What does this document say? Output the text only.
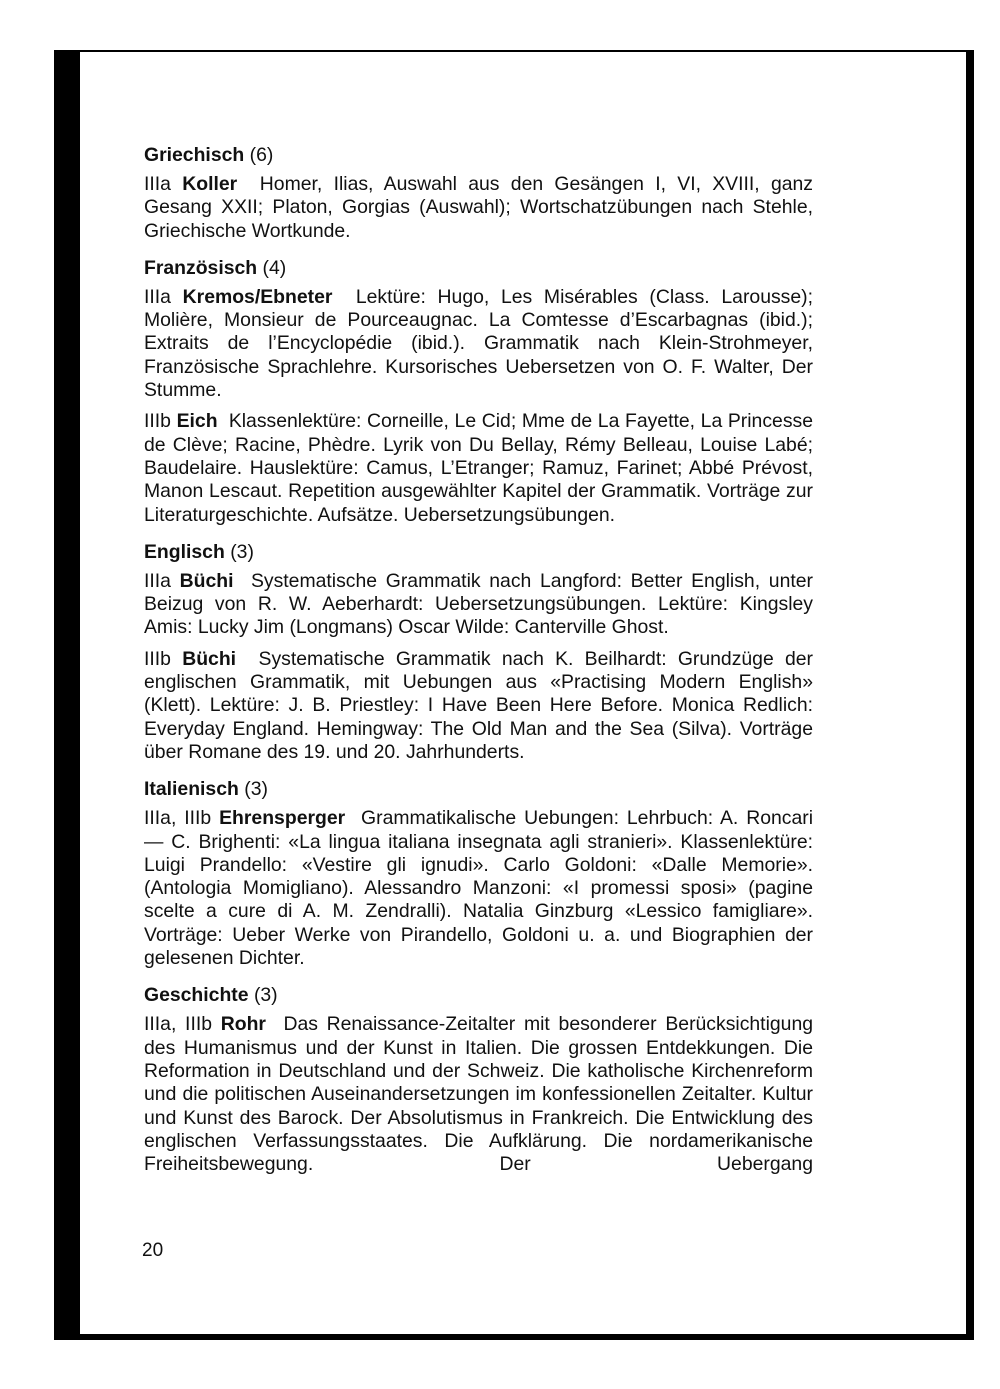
Griechisch (6)

IIIa Koller Homer, Ilias, Auswahl aus den Gesängen I, VI, XVIII, ganz Gesang XXII; Platon, Gorgias (Auswahl); Wortschatzübungen nach Stehle, Griechische Wortkunde.

Französisch (4)

IIIa Kremos/Ebneter Lektüre: Hugo, Les Misérables (Class. Larousse); Molière, Monsieur de Pourceaugnac. La Comtesse d’Escarbagnas (ibid.); Extraits de l’Encyclopédie (ibid.). Grammatik nach Klein-Strohmeyer, Französische Sprachlehre. Kursorisches Uebersetzen von O. F. Walter, Der Stumme.

IIIb Eich Klassenlektüre: Corneille, Le Cid; Mme de La Fayette, La Princesse de Clève; Racine, Phèdre. Lyrik von Du Bellay, Rémy Belleau, Louise Labé; Baudelaire. Hauslektüre: Camus, L’Etranger; Ramuz, Farinet; Abbé Prévost, Manon Lescaut. Repetition ausgewählter Kapitel der Grammatik. Vorträge zur Literaturgeschichte. Aufsätze. Uebersetzungsübungen.

Englisch (3)

IIIa Büchi Systematische Grammatik nach Langford: Better English, unter Beizug von R. W. Aeberhardt: Uebersetzungsübungen. Lektüre: Kingsley Amis: Lucky Jim (Longmans) Oscar Wilde: Canterville Ghost.

IIIb Büchi Systematische Grammatik nach K. Beilhardt: Grundzüge der englischen Grammatik, mit Uebungen aus «Practising Modern English» (Klett). Lektüre: J. B. Priestley: I Have Been Here Before. Monica Redlich: Everyday England. Hemingway: The Old Man and the Sea (Silva). Vorträge über Romane des 19. und 20. Jahrhunderts.

Italienisch (3)

IIIa, IIIb Ehrensperger Grammatikalische Uebungen: Lehrbuch: A. Roncari — C. Brighenti: «La lingua italiana insegnata agli stranieri». Klassenlektüre: Luigi Prandello: «Vestire gli ignudi». Carlo Goldoni: «Dalle Memorie». (Antologia Momigliano). Alessandro Manzoni: «I promessi sposi» (pagine scelte a cure di A. M. Zendralli). Natalia Ginzburg «Lessico famigliare». Vorträge: Ueber Werke von Pirandello, Goldoni u. a. und Biographien der gelesenen Dichter.

Geschichte (3)

IIIa, IIIb Rohr Das Renaissance-Zeitalter mit besonderer Berücksichtigung des Humanismus und der Kunst in Italien. Die grossen Entdekkungen. Die Reformation in Deutschland und der Schweiz. Die katholische Kirchenreform und die politischen Auseinandersetzungen im konfessionellen Zeitalter. Kultur und Kunst des Barock. Der Absolutismus in Frankreich. Die Entwicklung des englischen Verfassungsstaates. Die Aufklärung. Die nordamerikanische Freiheitsbewegung. Der Uebergang

20
